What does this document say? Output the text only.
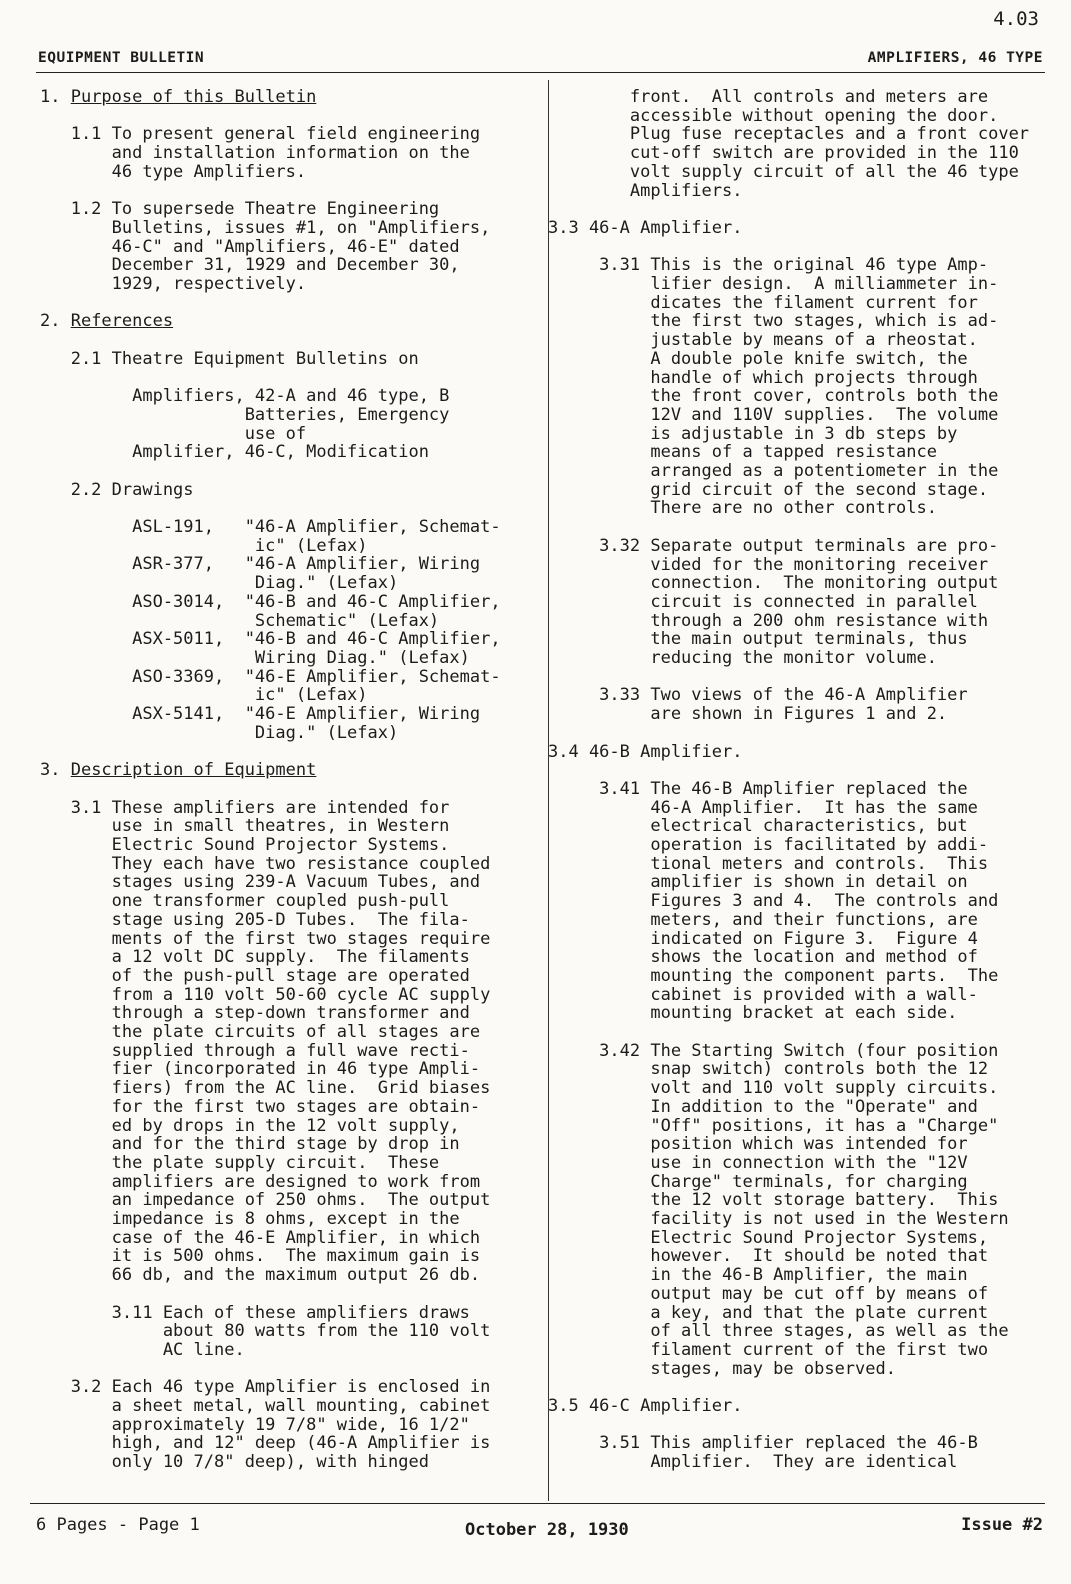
4.03
EQUIPMENT BULLETIN	AMPLIFIERS, 46 TYPE
1. Purpose of this Bulletin
1.1 To present general field engineering
and installation information on the
46 type Amplifiers.
1.2 To supersede Theatre Engineering
Bulletins, issues #1, on "Amplifiers,
46-C" and "Amplifiers, 46-E" dated
December 31, 1929 and December 30,
1929, respectively.
2. References
2.1 Theatre Equipment Bulletins on
Amplifiers, 42-A and 46 type, B
Batteries, Emergency
use of
Amplifier, 46-C, Modification
2.2 Drawings
ASL-191,   "46-A Amplifier, Schemat-
ic" (Lefax)
ASR-377,   "46-A Amplifier, Wiring
Diag." (Lefax)
ASO-3014,  "46-B and 46-C Amplifier,
Schematic" (Lefax)
ASX-5011,  "46-B and 46-C Amplifier,
Wiring Diag." (Lefax)
ASO-3369,  "46-E Amplifier, Schemat-
ic" (Lefax)
ASX-5141,  "46-E Amplifier, Wiring
Diag." (Lefax)
3. Description of Equipment
3.1 These amplifiers are intended for
use in small theatres, in Western
Electric Sound Projector Systems.
They each have two resistance coupled
stages using 239-A Vacuum Tubes, and
one transformer coupled push-pull
stage using 205-D Tubes.  The fila-
ments of the first two stages require
a 12 volt DC supply.  The filaments
of the push-pull stage are operated
from a 110 volt 50-60 cycle AC supply
through a step-down transformer and
the plate circuits of all stages are
supplied through a full wave recti-
fier (incorporated in 46 type Ampli-
fiers) from the AC line.  Grid biases
for the first two stages are obtain-
ed by drops in the 12 volt supply,
and for the third stage by drop in
the plate supply circuit.  These
amplifiers are designed to work from
an impedance of 250 ohms.  The output
impedance is 8 ohms, except in the
case of the 46-E Amplifier, in which
it is 500 ohms.  The maximum gain is
66 db, and the maximum output 26 db.
3.11 Each of these amplifiers draws
about 80 watts from the 110 volt
AC line.
3.2 Each 46 type Amplifier is enclosed in
a sheet metal, wall mounting, cabinet
approximately 19 7/8" wide, 16 1/2"
high, and 12" deep (46-A Amplifier is
only 10 7/8" deep), with hinged
front.  All controls and meters are
accessible without opening the door.
Plug fuse receptacles and a front cover
cut-off switch are provided in the 110
volt supply circuit of all the 46 type
Amplifiers.
3.3 46-A Amplifier.
3.31 This is the original 46 type Amp-
lifier design.  A milliammeter in-
dicates the filament current for
the first two stages, which is ad-
justable by means of a rheostat.
A double pole knife switch, the
handle of which projects through
the front cover, controls both the
12V and 110V supplies.  The volume
is adjustable in 3 db steps by
means of a tapped resistance
arranged as a potentiometer in the
grid circuit of the second stage.
There are no other controls.
3.32 Separate output terminals are pro-
vided for the monitoring receiver
connection.  The monitoring output
circuit is connected in parallel
through a 200 ohm resistance with
the main output terminals, thus
reducing the monitor volume.
3.33 Two views of the 46-A Amplifier
are shown in Figures 1 and 2.
3.4 46-B Amplifier.
3.41 The 46-B Amplifier replaced the
46-A Amplifier.  It has the same
electrical characteristics, but
operation is facilitated by addi-
tional meters and controls.  This
amplifier is shown in detail on
Figures 3 and 4.  The controls and
meters, and their functions, are
indicated on Figure 3.  Figure 4
shows the location and method of
mounting the component parts.  The
cabinet is provided with a wall-
mounting bracket at each side.
3.42 The Starting Switch (four position
snap switch) controls both the 12
volt and 110 volt supply circuits.
In addition to the "Operate" and
"Off" positions, it has a "Charge"
position which was intended for
use in connection with the "12V
Charge" terminals, for charging
the 12 volt storage battery.  This
facility is not used in the Western
Electric Sound Projector Systems,
however.  It should be noted that
in the 46-B Amplifier, the main
output may be cut off by means of
a key, and that the plate current
of all three stages, as well as the
filament current of the first two
stages, may be observed.
3.5 46-C Amplifier.
3.51 This amplifier replaced the 46-B
Amplifier.  They are identical
6 Pages - Page 1	October 28, 1930	Issue #2
